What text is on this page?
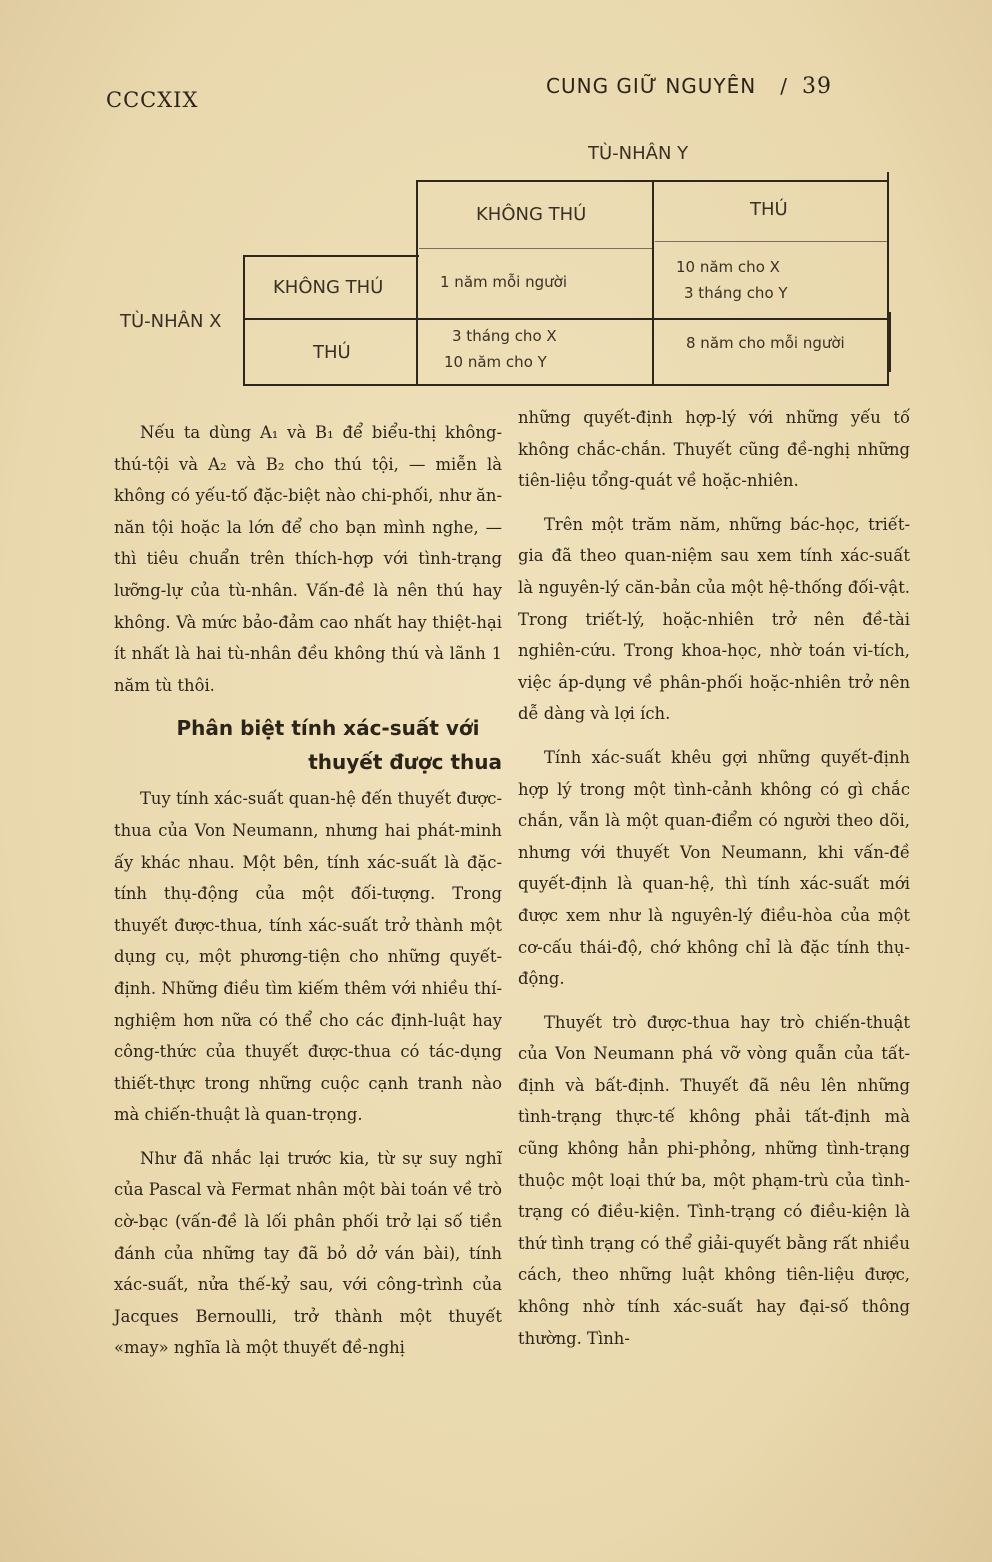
CCCXIX
CUNG GIỮ NGUYÊN / 39
TÙ-NHÂN Y
TÙ-NHÂN X
KHÔNG THÚ	THÚ
KHÔNG THÚ
THÚ
1 năm mỗi người
10 năm cho X
3 tháng cho Y
3 tháng cho X
10 năm cho Y
8 năm cho mỗi người

Nếu ta dùng A₁ và B₁ để biểu-thị không-thú-tội và A₂ và B₂ cho thú tội, — miễn là không có yếu-tố đặc-biệt nào chi-phối, như ăn-năn tội hoặc la lớn để cho bạn mình nghe, — thì tiêu chuẩn trên thích-hợp với tình-trạng lưỡng-lự của tù-nhân. Vấn-đề là nên thú hay không. Và mức bảo-đảm cao nhất hay thiệt-hại ít nhất là hai tù-nhân đều không thú và lãnh 1 năm tù thôi.

Phân biệt tính xác-suất với
thuyết được thua

Tuy tính xác-suất quan-hệ đến thuyết được-thua của Von Neumann, nhưng hai phát-minh ấy khác nhau. Một bên, tính xác-suất là đặc-tính thụ-động của một đối-tượng. Trong thuyết được-thua, tính xác-suất trở thành một dụng cụ, một phương-tiện cho những quyết-định. Những điều tìm kiếm thêm với nhiều thí-nghiệm hơn nữa có thể cho các định-luật hay công-thức của thuyết được-thua có tác-dụng thiết-thực trong những cuộc cạnh tranh nào mà chiến-thuật là quan-trọng.

Như đã nhắc lại trước kia, từ sự suy nghĩ của Pascal và Fermat nhân một bài toán về trò cờ-bạc (vấn-đề là lối phân phối trở lại số tiền đánh của những tay đã bỏ dở ván bài), tính xác-suất, nửa thế-kỷ sau, với công-trình của Jacques Bernoulli, trở thành một thuyết «may» nghĩa là một thuyết đề-nghị

những quyết-định hợp-lý với những yếu tố không chắc-chắn. Thuyết cũng đề-nghị những tiên-liệu tổng-quát về hoặc-nhiên.

Trên một trăm năm, những bác-học, triết-gia đã theo quan-niệm sau xem tính xác-suất là nguyên-lý căn-bản của một hệ-thống đối-vật. Trong triết-lý, hoặc-nhiên trở nên đề-tài nghiên-cứu. Trong khoa-học, nhờ toán vi-tích, việc áp-dụng về phân-phối hoặc-nhiên trở nên dễ dàng và lợi ích.

Tính xác-suất khêu gợi những quyết-định hợp lý trong một tình-cảnh không có gì chắc chắn, vẫn là một quan-điểm có người theo dõi, nhưng với thuyết Von Neumann, khi vấn-đề quyết-định là quan-hệ, thì tính xác-suất mới được xem như là nguyên-lý điều-hòa của một cơ-cấu thái-độ, chớ không chỉ là đặc tính thụ-động.

Thuyết trò được-thua hay trò chiến-thuật của Von Neumann phá vỡ vòng quẫn của tất-định và bất-định. Thuyết đã nêu lên những tình-trạng thực-tế không phải tất-định mà cũng không hẳn phi-phỏng, những tình-trạng thuộc một loại thứ ba, một phạm-trù của tình-trạng có điều-kiện. Tình-trạng có điều-kiện là thứ tình trạng có thể giải-quyết bằng rất nhiều cách, theo những luật không tiên-liệu được, không nhờ tính xác-suất hay đại-số thông thường. Tình-
